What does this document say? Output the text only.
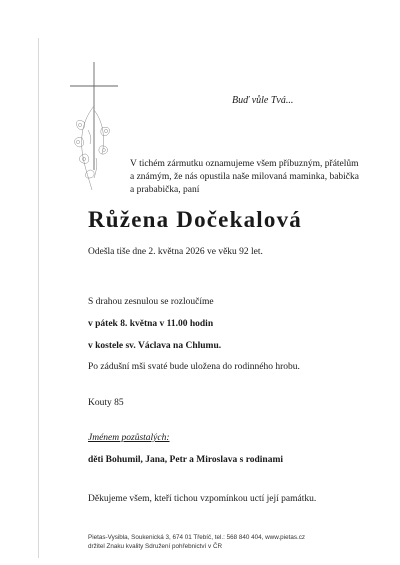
Buď vůle Tvá...
V tichém zármutku oznamujeme všem příbuzným, přátelům a známým, že nás opustila naše milovaná maminka, babička a prababička, paní
Růžena Dočekalová
Odešla tiše dne 2. května 2026 ve věku 92 let.
S drahou zesnulou se rozloučíme
v pátek 8. května v 11.00 hodin
v kostele sv. Václava na Chlumu.
Po zádušní mši svaté bude uložena do rodinného hrobu.
Kouty 85
Jménem pozůstalých:
děti Bohumil, Jana, Petr a Miroslava s rodinami
Děkujeme všem, kteří tichou vzpomínkou uctí její památku.
Pietas-Vysibla, Soukenická 3, 674 01 Třebíč, tel.: 568 840 404, www.pietas.cz
držitel Znaku kvality Sdružení pohřebnictví v ČR
